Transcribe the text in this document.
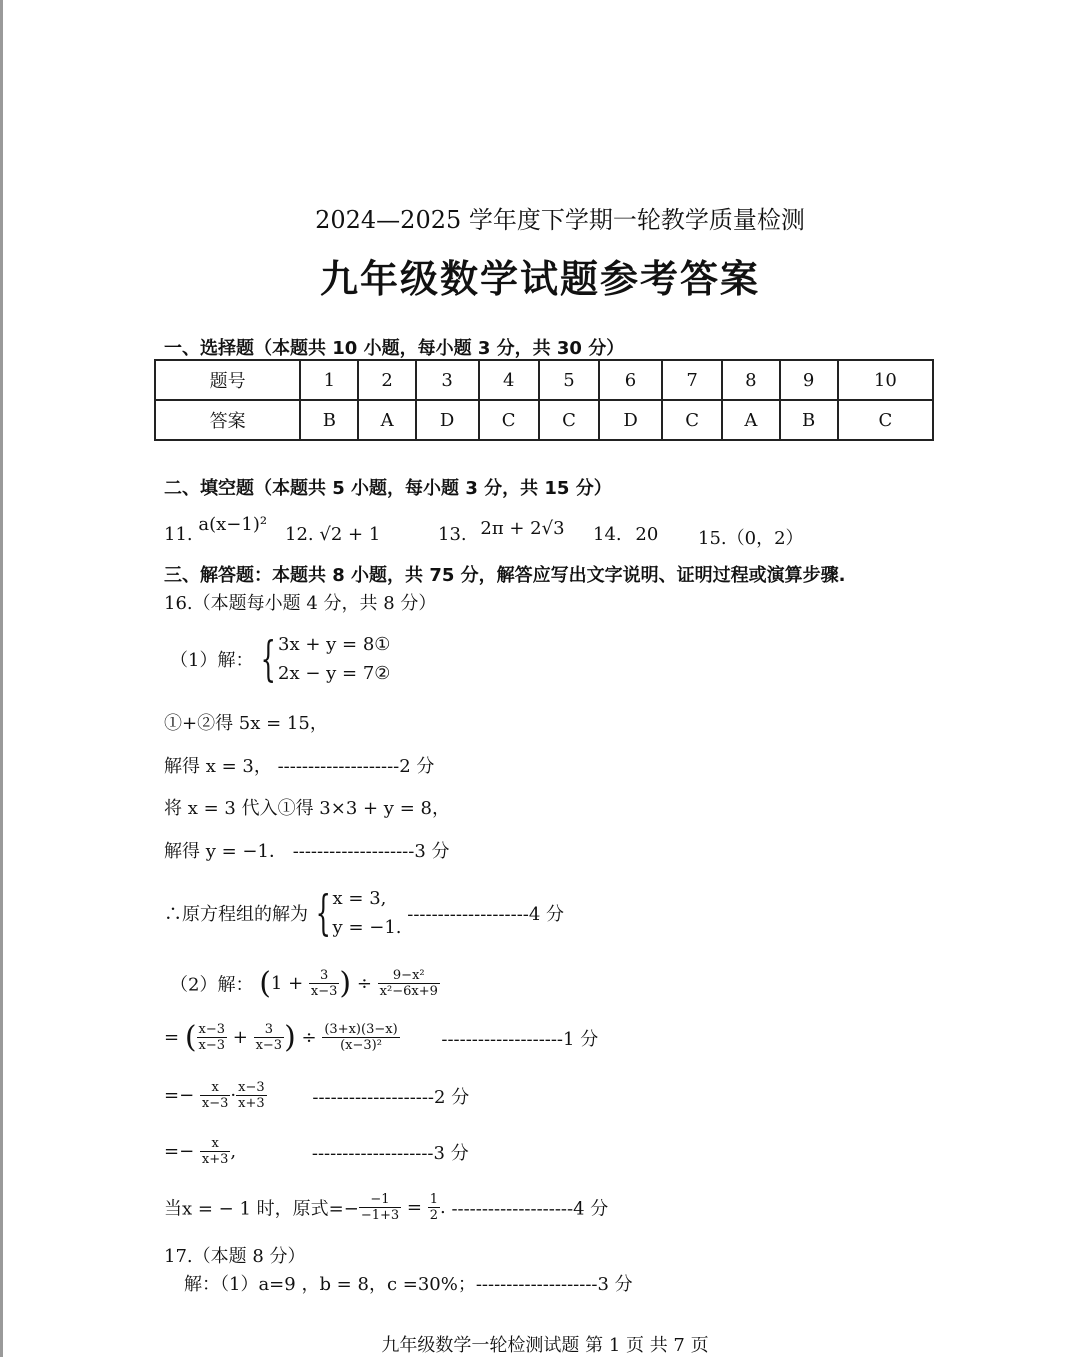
2024—2025 学年度下学期一轮教学质量检测
九年级数学试题参考答案
一、选择题（本题共 10 小题，每小题 3 分，共 30 分）
题号	1	2	3	4	5	6	7	8	9	10
答案	B	A	D	C	C	D	C	A	B	C
二、填空题（本题共 5 小题，每小题 3 分，共 15 分）
11. a(x−1)² 12. √2 + 1	13. 2π + 2√3 14. 20 15.（0，2）
三、解答题：本题共 8 小题，共 75 分，解答应写出文字说明、证明过程或演算步骤.
16.（本题每小题 4 分，共 8 分）
（1）解： { 3x + y = 8①
2x − y = 7②
①+②得 5x = 15，
解得 x = 3， --------------------2 分
将 x = 3 代入①得 3×3 + y = 8，
解得 y = −1． --------------------3 分
∴原方程组的解为 { x = 3,
y = −1.
--------------------4 分
（2）解： ($1 + \frac{3}{x-3}$ ) ÷ $\frac{\text{9−x²}}{\text{x²−6x+9}}$
= ( $\frac{x-3}{x-3} + \frac{3}{x-3}$ ) ÷ $\frac{(3+x)(3-x)}{\text{(x−3)²}} --------------------1$ 分
=− $\frac{x}{x-3} \cdot \frac{x-3}{x+3}$	--------------------2 分
=− $\frac{x}{x+3}$ ,	--------------------3 分
当x = − 1 时，原式=− $\frac{-1}{-1+3} = \frac{1}{2}$ . --------------------4 分
17.（本题 8 分）
解：（1）a=9 ，b = 8，c =30%；--------------------3 分
九年级数学一轮检测试题 第 1 页 共 7 页
